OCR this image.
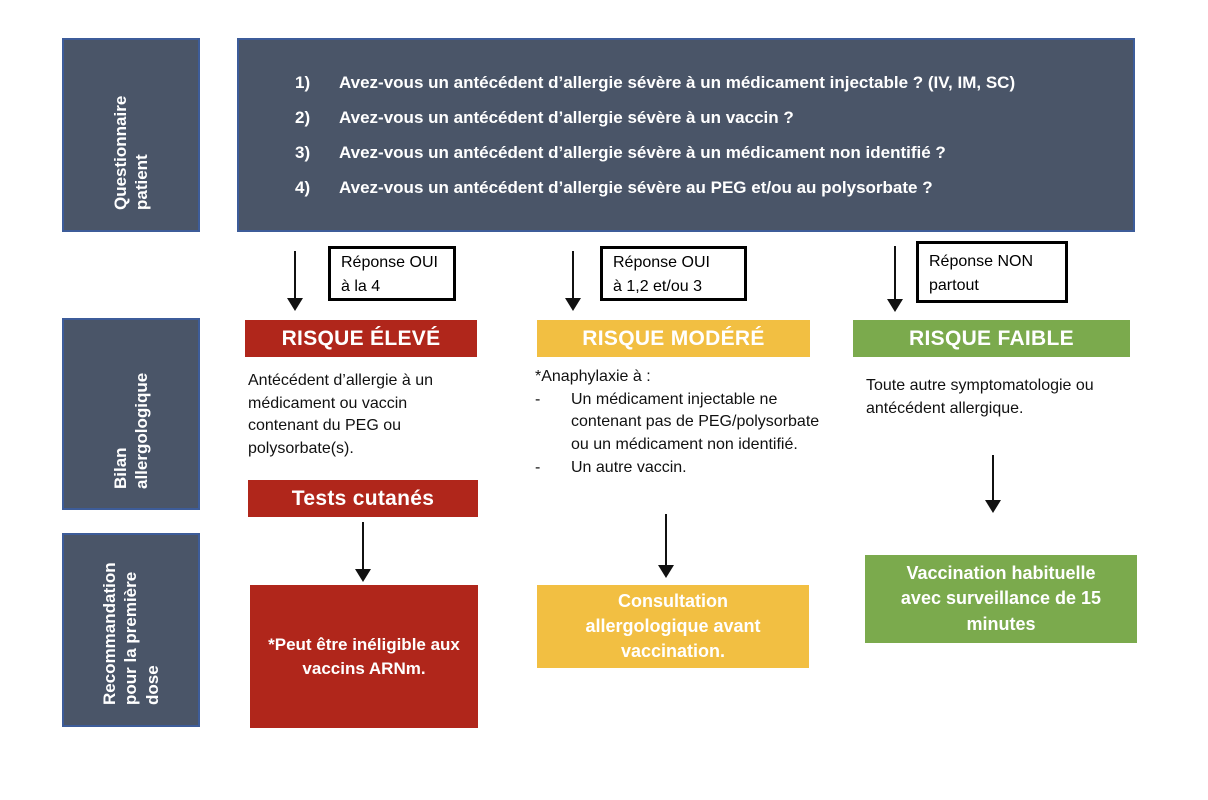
Questionnaire patient
Bilan allergologique
Recommandation pour la première dose
1) Avez-vous un antécédent d’allergie sévère à un médicament injectable ? (IV, IM, SC)
2) Avez-vous un antécédent d’allergie sévère à un vaccin ?
3) Avez-vous un antécédent d’allergie sévère à un médicament non identifié ?
4) Avez-vous un antécédent d’allergie sévère au PEG et/ou au polysorbate ?
Réponse OUI
à la 4
Réponse OUI
à 1,2 et/ou 3
Réponse NON
partout
RISQUE ÉLEVÉ	RISQUE MODÉRÉ	RISQUE FAIBLE
Antécédent d’allergie à un médicament ou vaccin contenant du PEG ou polysorbate(s).
*Anaphylaxie à :
-	Un médicament injectable ne contenant pas de PEG/polysorbate ou un médicament non identifié.
-	Un autre vaccin.
Toute autre symptomatologie ou antécédent allergique.
Tests cutanés
*Peut être inéligible aux vaccins ARNm.
Consultation allergologique avant vaccination.
Vaccination habituelle avec surveillance de 15 minutes
